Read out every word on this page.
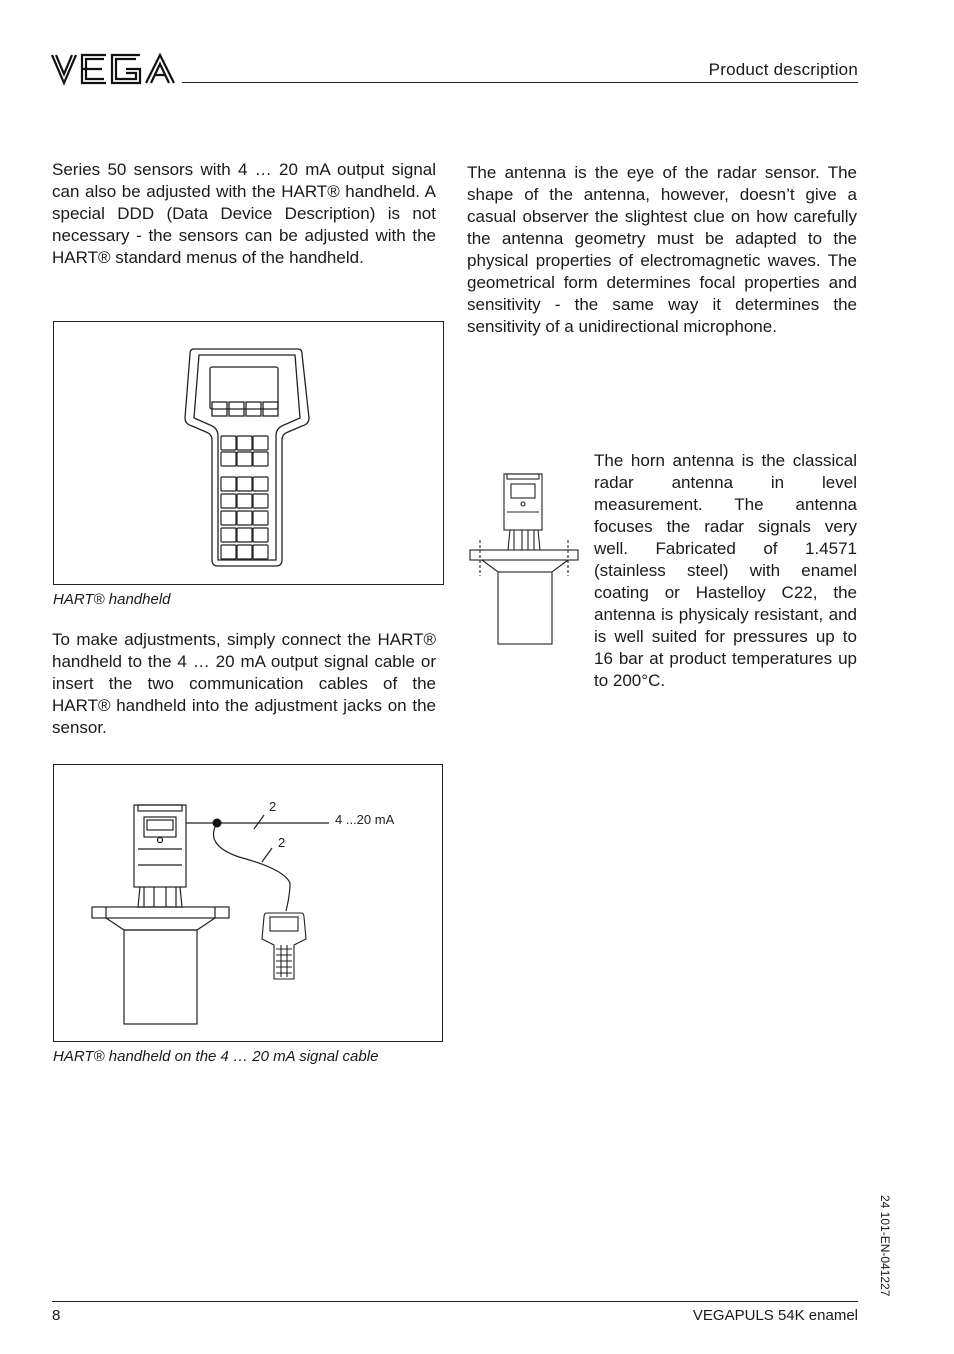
Product description

Series 50 sensors with 4 … 20 mA output signal can also be adjusted with the HART® handheld. A special DDD (Data Device Description) is not necessary - the sensors can be adjusted with the HART® standard menus of the handheld.

HART® handheld

To make adjustments, simply connect the HART® handheld to the 4 … 20 mA output signal cable or insert the two communication cables of the HART® handheld into the adjustment jacks on the sensor.

2
2
4 ...20 mA
HART® handheld on the 4 … 20 mA signal cable

The antenna is the eye of the radar sensor. The shape of the antenna, however, doesn’t give a casual observer the slightest clue on how carefully the antenna geometry must be adapted to the physical properties of electromagnetic waves. The geometrical form determines focal properties and sensitivity - the same way it determines the sensitivity of a unidirectional microphone.

The horn antenna is the classical radar antenna in level measurement. The antenna focuses the radar signals very well. Fabricated of 1.4571 (stainless steel) with enamel coating or Hastelloy C22, the antenna is physicaly resistant, and is well suited for pressures up to 16 bar at product temperatures up to 200°C.

24 101-EN-041227
8	VEGAPULS 54K enamel
